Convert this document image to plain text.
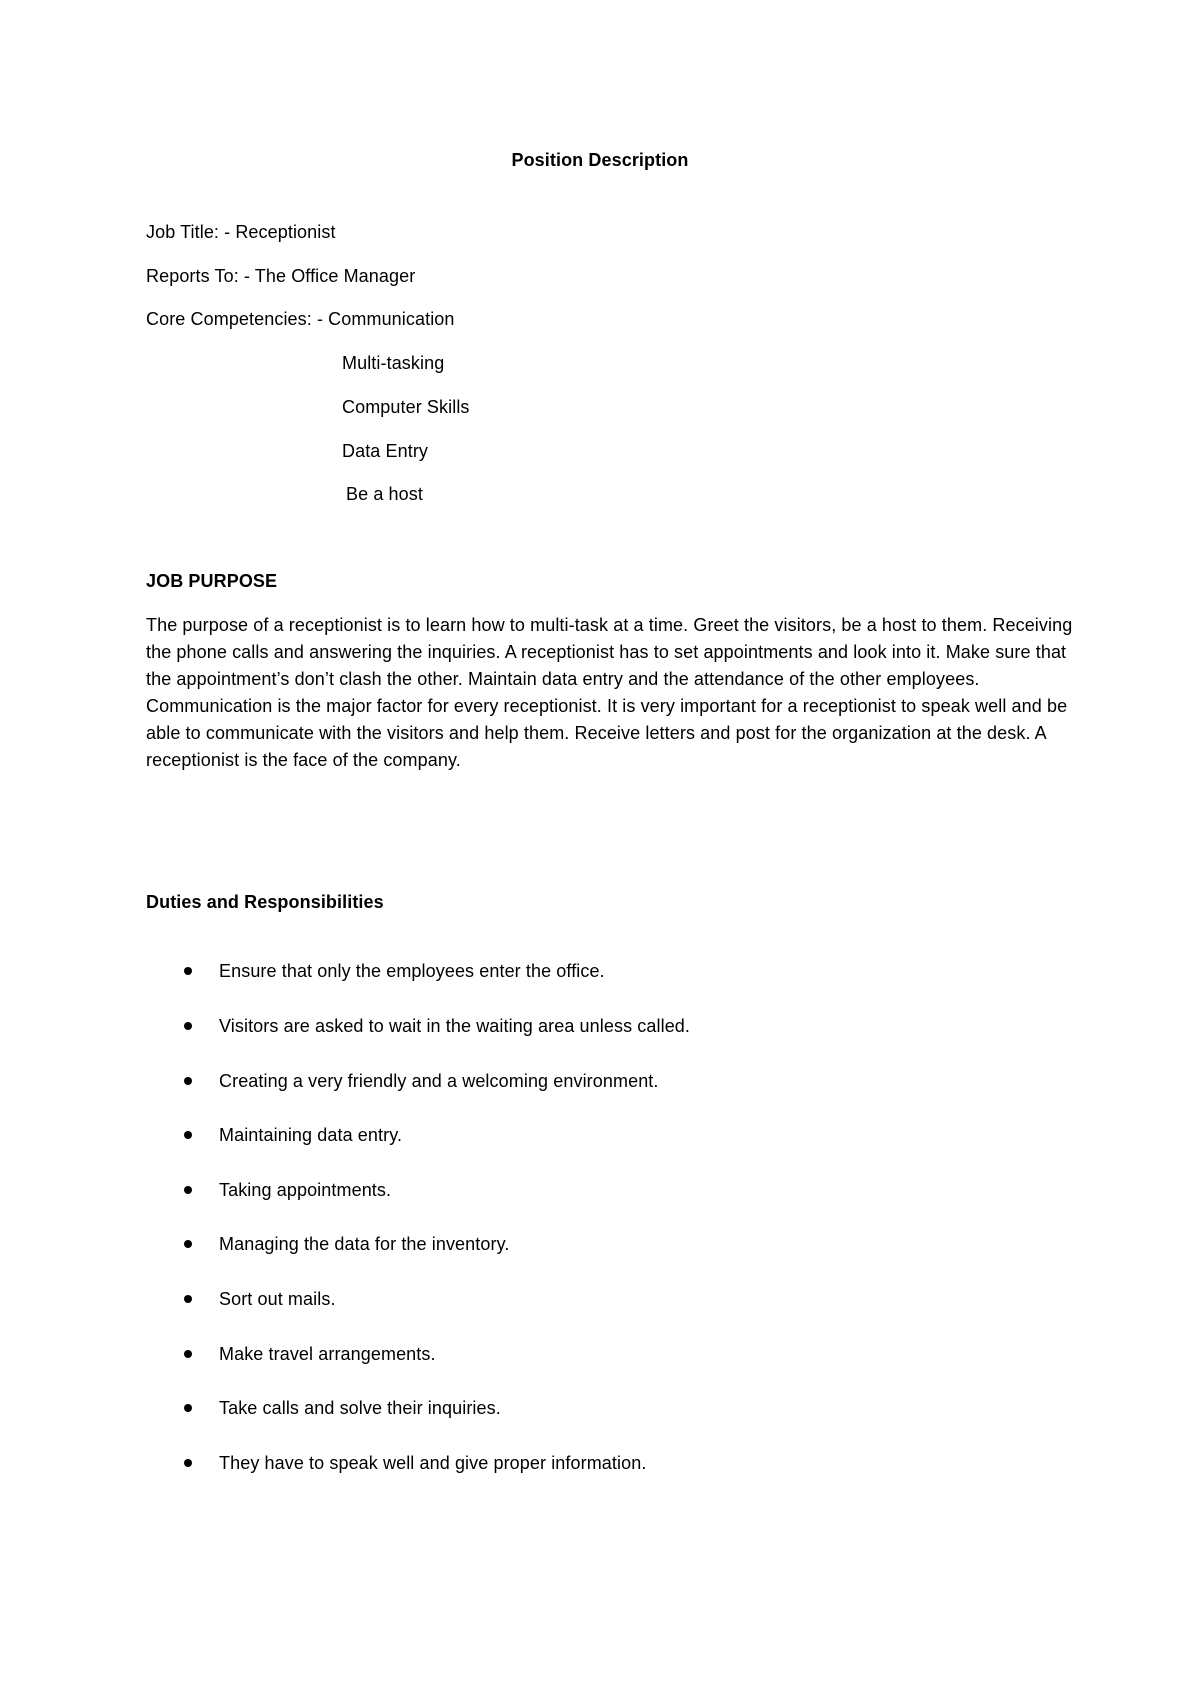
Position Description
Job Title: - Receptionist
Reports To: - The Office Manager
Core Competencies: - Communication
Multi-tasking
Computer Skills
Data Entry
Be a host
JOB PURPOSE
The purpose of a receptionist is to learn how to multi-task at a time. Greet the visitors, be a host to them. Receiving the phone calls and answering the inquiries. A receptionist has to set appointments and look into it. Make sure that the appointment’s don’t clash the other. Maintain data entry and the attendance of the other employees. Communication is the major factor for every receptionist. It is very important for a receptionist to speak well and be able to communicate with the visitors and help them. Receive letters and post for the organization at the desk. A receptionist is the face of the company.
Duties and Responsibilities
Ensure that only the employees enter the office.
Visitors are asked to wait in the waiting area unless called.
Creating a very friendly and a welcoming environment.
Maintaining data entry.
Taking appointments.
Managing the data for the inventory.
Sort out mails.
Make travel arrangements.
Take calls and solve their inquiries.
They have to speak well and give proper information.
